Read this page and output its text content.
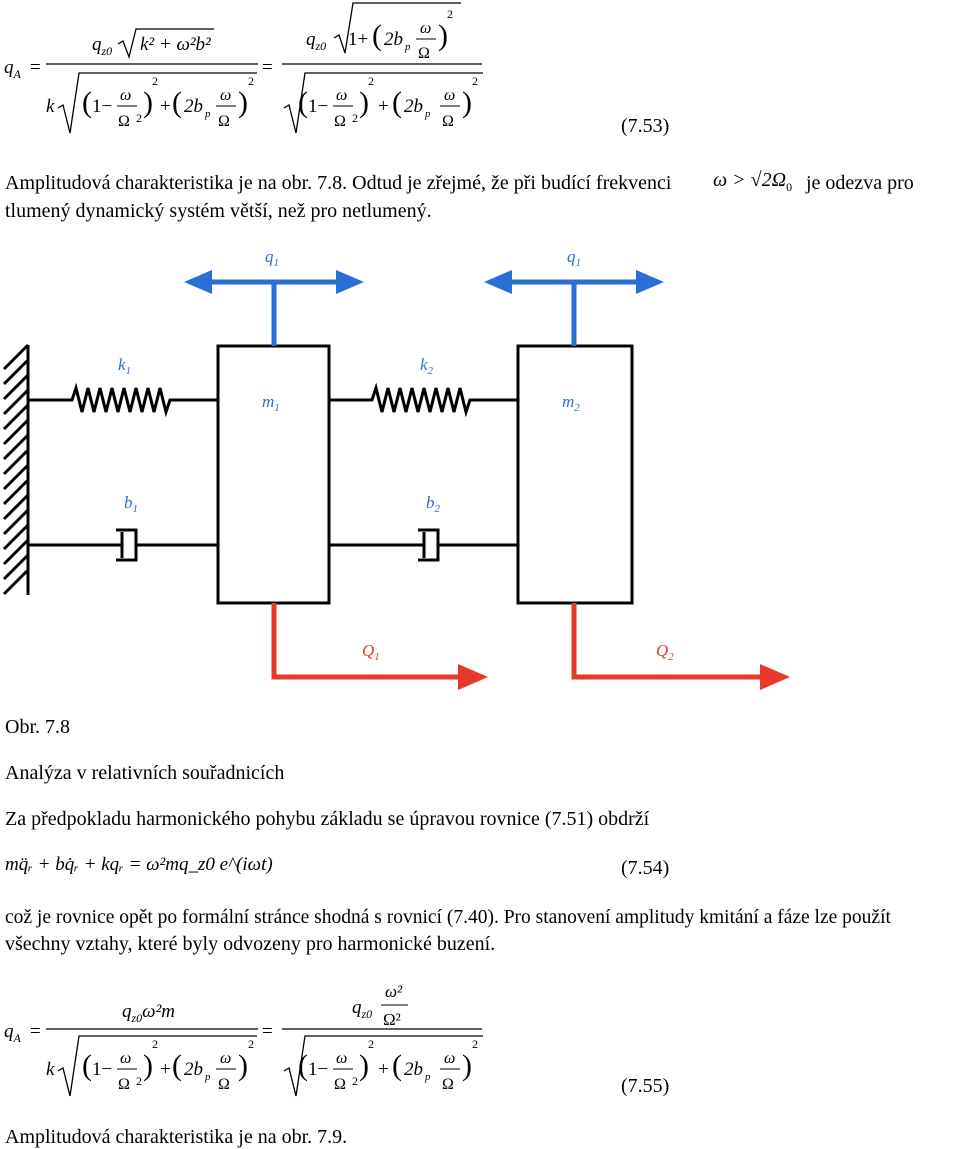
$q_A$ =
$q_{z0}$ k² + ω²b²
k ( 1−
ω
Ω 2 )
2
+ ( 2b p
ω
Ω
)
2
=
$q_{z0}$ 1+ ( 2b p
ω
Ω
)
2
( 1−
ω
Ω 2 )
2
+ ( 2b p
ω
Ω
)
2
(7.53)
Amplitudová charakteristika je na obr. 7.8. Odtud je zřejmé, že při budící frekvenci $\omega > √2\Omega_0$ je odezva pro
tlumený dynamický systém větší, než pro netlumený.
$q_1$	$q_1$
$k_1$	$k_2$
$m_1$	$m_2$
$b_1$	$b_2$
$Q_1$	$Q_2$
Obr. 7.8
Analýza v relativních souřadnicích
Za předpokladu harmonického pohybu základu se úpravou rovnice (7.51) obdrží
mq̈ᵣ + bq̇ᵣ + kqᵣ = ω²mq_z0 e^(iωt)	(7.54)
což je rovnice opět po formální stránce shodná s rovnicí (7.40). Pro stanovení amplitudy kmitání a fáze lze použít
všechny vztahy, které byly odvozeny pro harmonické buzení.
$q_A$ =
$q_{z0}\omega^2m$
k ( 1−
ω
Ω 2 )
2
+ ( 2b p
ω
Ω
)
2
=
$q_{z0}$
ω²
Ω²
( 1−
ω
Ω 2 )
2
+ ( 2b p
ω
Ω
)
2
(7.55)
Amplitudová charakteristika je na obr. 7.9.
